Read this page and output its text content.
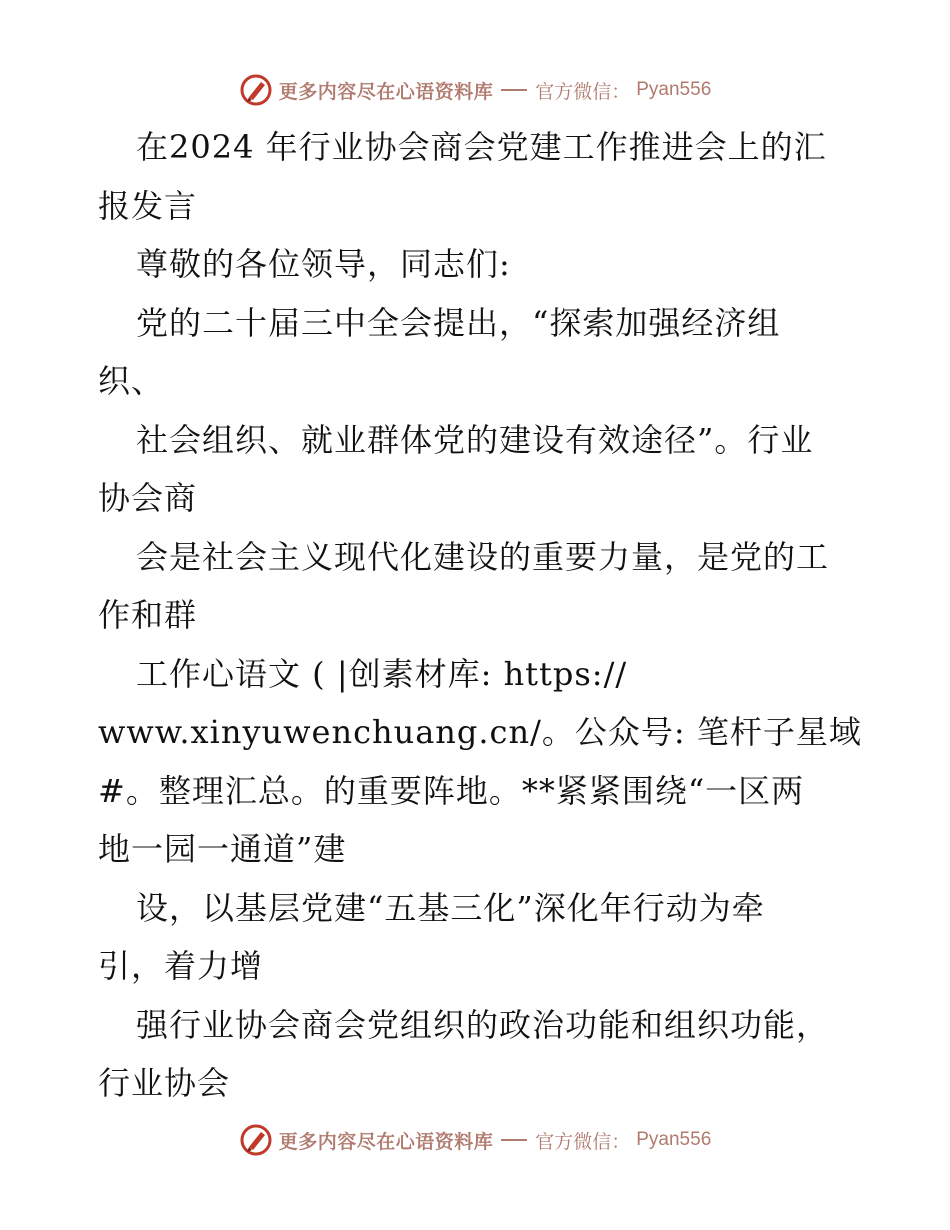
更多内容尽在心语资料库 官方微信： Pyan556
在2024 年行业协会商会党建工作推进会上的汇
报发言
尊敬的各位领导，同志们:
党的二十届三中全会提出，“探索加强经济组
织、
社会组织、就业群体党的建设有效途径”。行业
协会商
会是社会主义现代化建设的重要力量，是党的工
作和群
工作心语文 ( |创素材库: https://
www.xinyuwenchuang.cn/。公众号: 笔杆子星域
#。整理汇总。的重要阵地。**紧紧围绕“一区两
地一园一通道”建
设，以基层党建“五基三化”深化年行动为牵
引，着力增
强行业协会商会党组织的政治功能和组织功能，
行业协会
更多内容尽在心语资料库 官方微信： Pyan556
